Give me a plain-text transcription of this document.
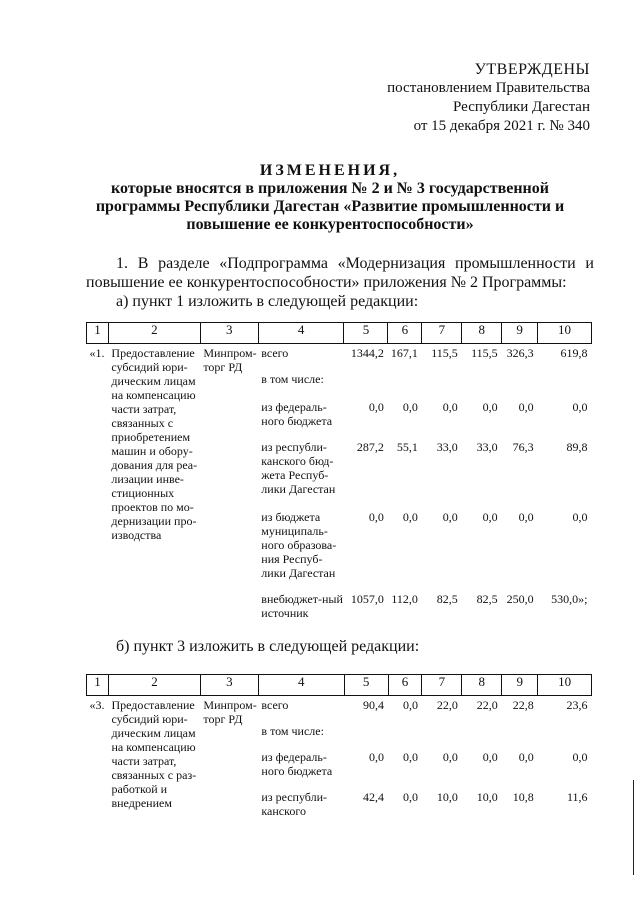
УТВЕРЖДЕНЫ
постановлением Правительства
Республики Дагестан
от 15 декабря 2021 г. № 340
ИЗМЕНЕНИЯ,
которые вносятся в приложения № 2 и № 3 государственной
программы Республики Дагестан «Развитие промышленности и
повышение ее конкурентоспособности»
1. В разделе «Подпрограмма «Модернизация промышленности и повышение ее конкурентоспособности» приложения № 2 Программы:
а) пункт 1 изложить в следующей редакции:
1	2	3	4	5	6	7	8	9	10
«1.	Предоставление субсидий юри-дическим лицам на компенсацию части затрат, связанных с приобретением машин и обору-дования для реа-лизации инве-стиционных проектов по мо-дернизации про-изводства	Минпром-торг РД	всего	1344,2	167,1	115,5	115,5	326,3	619,8
			в том числе:						
			из федераль-ного бюджета	0,0	0,0	0,0	0,0	0,0	0,0
			из республи-канского бюд-жета Респуб-лики Дагестан	287,2	55,1	33,0	33,0	76,3	89,8
			из бюджета муниципаль-ного образова-ния Респуб-лики Дагестан	0,0	0,0	0,0	0,0	0,0	0,0
			внебюджет-ный источник	1057,0	112,0	82,5	82,5	250,0	530,0»;
б) пункт 3 изложить в следующей редакции:
1	2	3	4	5	6	7	8	9	10
«3.	Предоставление субсидий юри-дическим лицам на компенсацию части затрат, связанных с раз-работкой и внедрением	Минпром-торг РД	всего	90,4	0,0	22,0	22,0	22,8	23,6
			в том числе:						
			из федераль-ного бюджета	0,0	0,0	0,0	0,0	0,0	0,0
			из республи-канского	42,4	0,0	10,0	10,0	10,8	11,6
